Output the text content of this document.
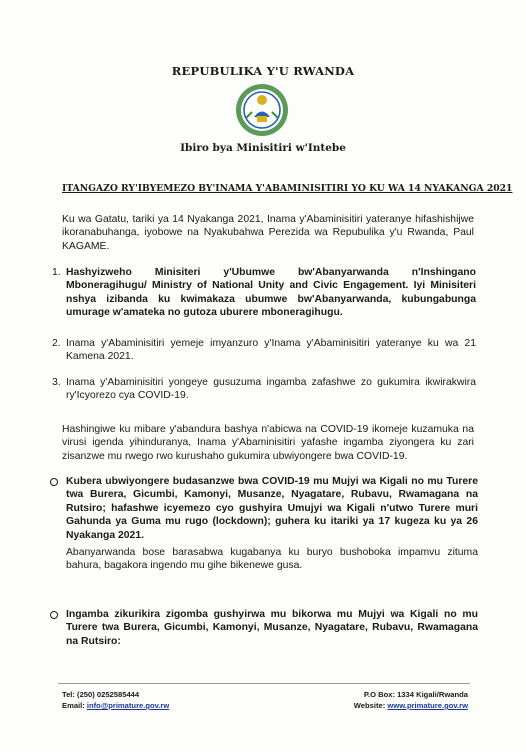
REPUBULIKA Y'U RWANDA
Ibiro bya Minisitiri w'Intebe
ITANGAZO RY'IBYEMEZO BY'INAMA Y'ABAMINISITIRI YO KU WA 14 NYAKANGA 2021
Ku wa Gatatu, tariki ya 14 Nyakanga 2021, Inama y'Abaminisitiri yateranye hifashishijwe ikoranabuhanga, iyobowe na Nyakubahwa Perezida wa Repubulika y'u Rwanda, Paul KAGAME.
1. Hashyizweho Minisiteri y'Ubumwe bw'Abanyarwanda n'Inshingano Mboneragihugu/ Ministry of National Unity and Civic Engagement. Iyi Minisiteri nshya izibanda ku kwimakaza ubumwe bw'Abanyarwanda, kubungabunga umurage w'amateka no gutoza uburere mboneragihugu.
2. Inama y'Abaminisitiri yemeje imyanzuro y'Inama y'Abaminisitiri yateranye ku wa 21 Kamena 2021.
3. Inama y'Abaminisitiri yongeye gusuzuma ingamba zafashwe zo gukumira ikwirakwira ry'Icyorezo cya COVID-19.
Hashingiwe ku mibare y'abandura bashya n'abicwa na COVID-19 ikomeje kuzamuka na virusi igenda yihinduranya, Inama y'Abaminisitiri yafashe ingamba ziyongera ku zari zisanzwe mu rwego rwo kurushaho gukumira ubwiyongere bwa COVID-19.
Kubera ubwiyongere budasanzwe bwa COVID-19 mu Mujyi wa Kigali no mu Turere twa Burera, Gicumbi, Kamonyi, Musanze, Nyagatare, Rubavu, Rwamagana na Rutsiro; hafashwe icyemezo cyo gushyira Umujyi wa Kigali n'utwo Turere muri Gahunda ya Guma mu rugo (lockdown); guhera ku itariki ya 17 kugeza ku ya 26 Nyakanga 2021.
Abanyarwanda bose barasabwa kugabanya ku buryo bushoboka impamvu zituma bahura, bagakora ingendo mu gihe bikenewe gusa.
Ingamba zikurikira zigomba gushyirwa mu bikorwa mu Mujyi wa Kigali no mu Turere twa Burera, Gicumbi, Kamonyi, Musanze, Nyagatare, Rubavu, Rwamagana na Rutsiro:
Tel: (250) 0252585444
Email: info@primature.gov.rw
P.O Box: 1334 Kigali/Rwanda
Website: www.primature.gov.rw
